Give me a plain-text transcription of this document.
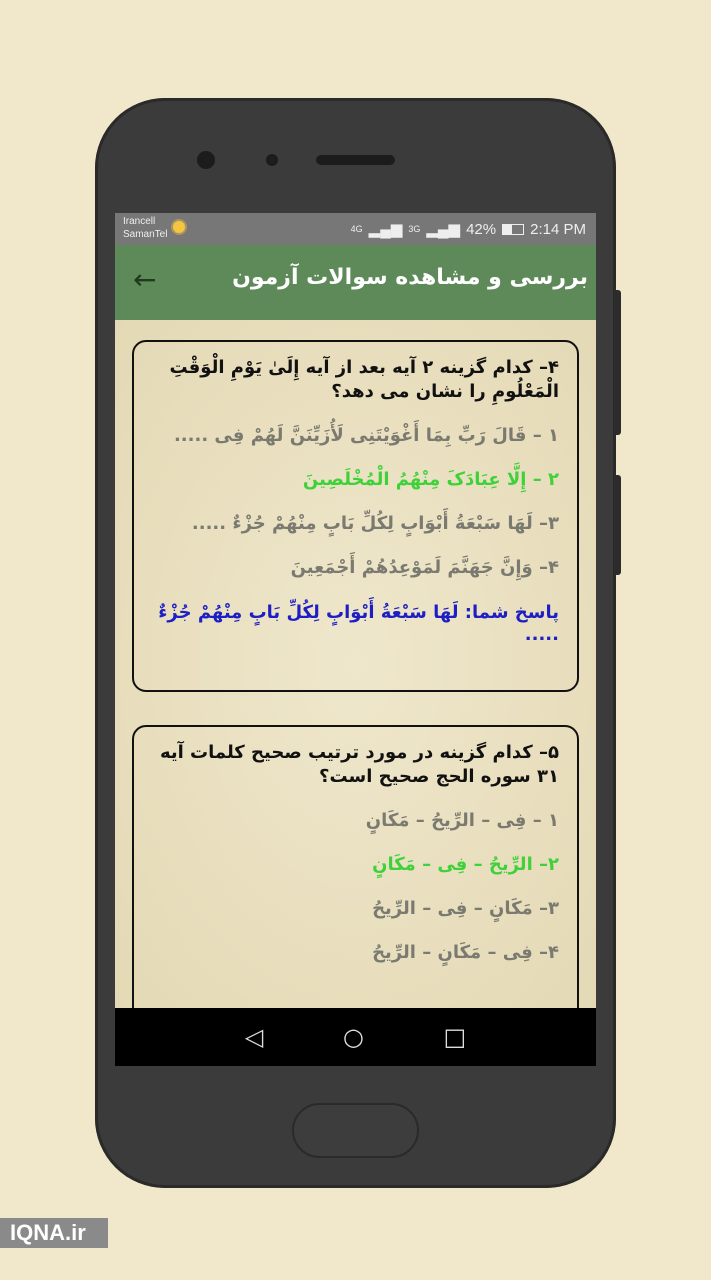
Irancell
SamanTel	4G ▂▄▆ 3G ▂▄▆ 42% 2:14 PM
←	بررسی و مشاهده سوالات آزمون
۴– کدام گزینه ۲ آیه بعد از آیه إِلَىٰ یَوْمِ الْوَقْتِ الْمَعْلُومِ را نشان می دهد؟
۱ – قَالَ رَبِّ بِمَا أَغْوَیْتَنِی لَأُزَیِّنَنَّ لَهُمْ فِی .....
۲ – إِلَّا عِبَادَکَ مِنْهُمُ الْمُخْلَصِینَ
۳– لَهَا سَبْعَةُ أَبْوَابٍ لِکُلِّ بَابٍ مِنْهُمْ جُزْءٌ .....
۴– وَإِنَّ جَهَنَّمَ لَمَوْعِدُهُمْ أَجْمَعِینَ
پاسخ شما: لَهَا سَبْعَةُ أَبْوَابٍ لِکُلِّ بَابٍ مِنْهُمْ جُزْءٌ .....
۵– کدام گزینه در مورد ترتیب صحیح کلمات آیه ۳۱ سوره الحج صحیح است؟
۱ – فِی – الرِّیحُ – مَکَانٍ
۲– الرِّیحُ – فِی – مَکَانٍ
۳– مَکَانٍ – فِی – الرِّیحُ
۴– فِی – مَکَانٍ – الرِّیحُ
◁	○	□
IQNA.ir
